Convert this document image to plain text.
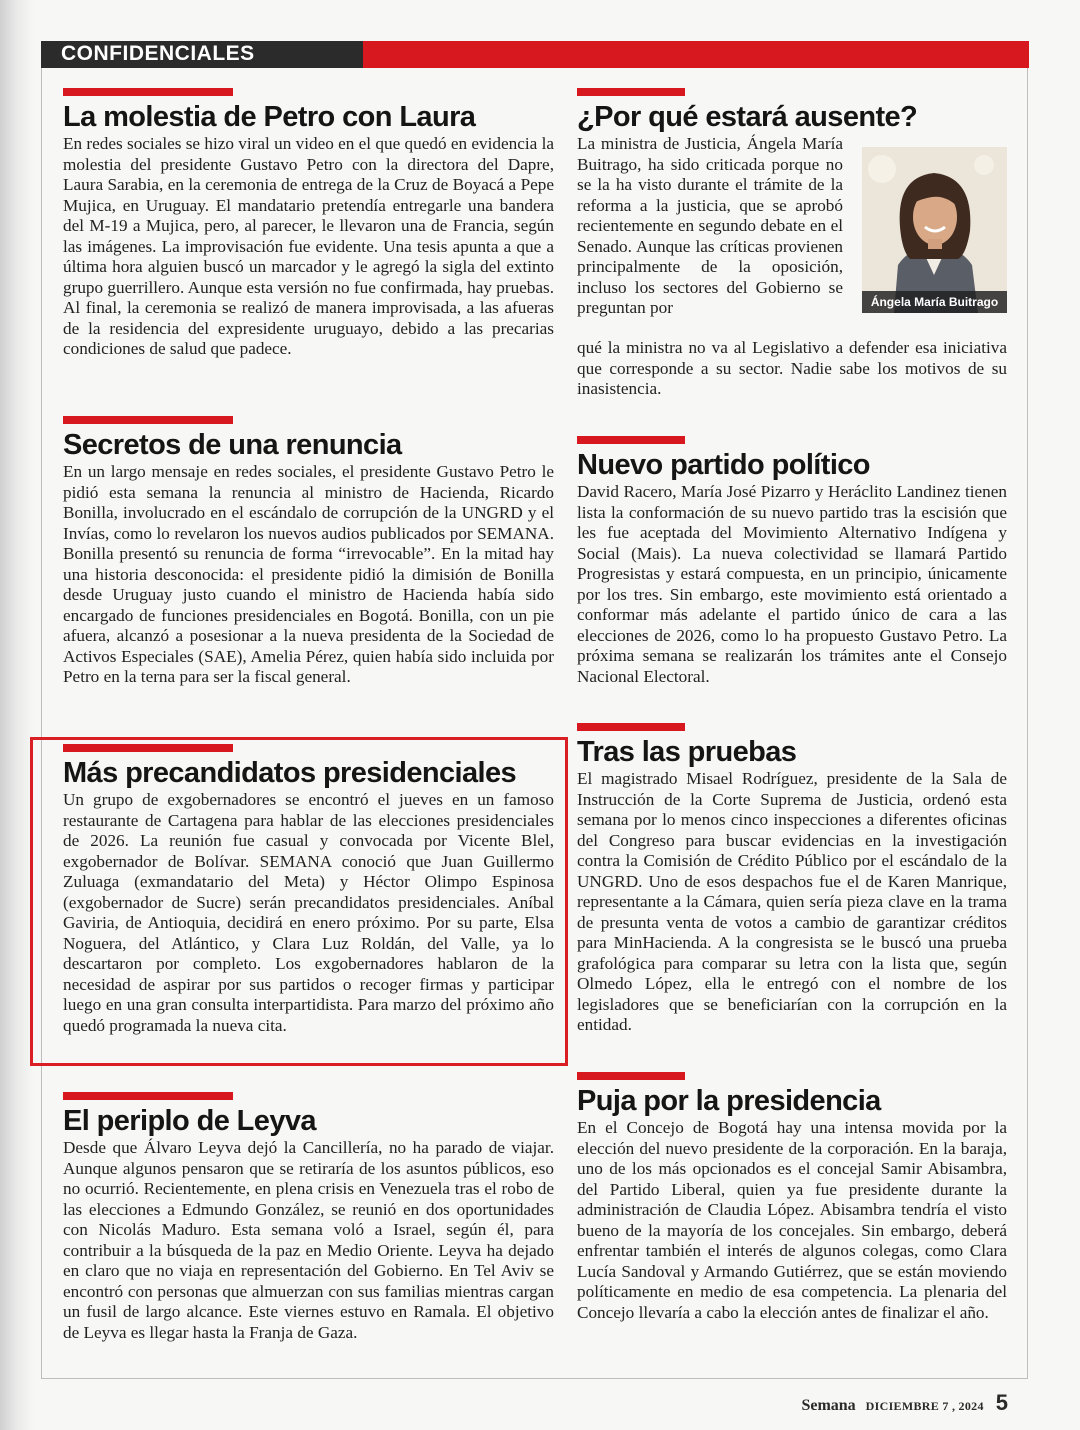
CONFIDENCIALES
La molestia de Petro con Laura

En redes sociales se hizo viral un video en el que quedó en evidencia la molestia del presidente Gustavo Petro con la directora del Dapre, Laura Sarabia, en la ceremonia de entrega de la Cruz de Boyacá a Pepe Mujica, en Uruguay. El mandatario pretendía entregarle una bandera del M-19 a Mujica, pero, al parecer, le llevaron una de Francia, según las imágenes. La improvisación fue evidente. Una tesis apunta a que a última hora alguien buscó un marcador y le agregó la sigla del extinto grupo guerrillero. Aunque esta versión no fue confirmada, hay pruebas. Al final, la ceremonia se realizó de manera improvisada, a las afueras de la residencia del expresidente uruguayo, debido a las precarias condiciones de salud que padece.

Secretos de una renuncia

En un largo mensaje en redes sociales, el presidente Gustavo Petro le pidió esta semana la renuncia al ministro de Hacienda, Ricardo Bonilla, involucrado en el escándalo de corrupción de la UNGRD y el Invías, como lo revelaron los nuevos audios publicados por SEMANA. Bonilla presentó su renuncia de forma “irrevocable”. En la mitad hay una historia desconocida: el presidente pidió la dimisión de Bonilla desde Uruguay justo cuando el ministro de Hacienda había sido encargado de funciones presidenciales en Bogotá. Bonilla, con un pie afuera, alcanzó a posesionar a la nueva presidenta de la Sociedad de Activos Especiales (SAE), Amelia Pérez, quien había sido incluida por Petro en la terna para ser la fiscal general.

Más precandidatos presidenciales

Un grupo de exgobernadores se encontró el jueves en un famoso restaurante de Cartagena para hablar de las elecciones presidenciales de 2026. La reunión fue casual y convocada por Vicente Blel, exgobernador de Bolívar. SEMANA conoció que Juan Guillermo Zuluaga (exmandatario del Meta) y Héctor Olimpo Espinosa (exgobernador de Sucre) serán precandidatos presidenciales. Aníbal Gaviria, de Antioquia, decidirá en enero próximo. Por su parte, Elsa Noguera, del Atlántico, y Clara Luz Roldán, del Valle, ya lo descartaron por completo. Los exgobernadores hablaron de la necesidad de aspirar por sus partidos o recoger firmas y participar luego en una gran consulta interpartidista. Para marzo del próximo año quedó programada la nueva cita.

El periplo de Leyva

Desde que Álvaro Leyva dejó la Cancillería, no ha parado de viajar. Aunque algunos pensaron que se retiraría de los asuntos públicos, eso no ocurrió. Recientemente, en plena crisis en Venezuela tras el robo de las elecciones a Edmundo González, se reunió en dos oportunidades con Nicolás Maduro. Esta semana voló a Israel, según él, para contribuir a la búsqueda de la paz en Medio Oriente. Leyva ha dejado en claro que no viaja en representación del Gobierno. En Tel Aviv se encontró con personas que almuerzan con sus familias mientras cargan un fusil de largo alcance. Este viernes estuvo en Ramala. El objetivo de Leyva es llegar hasta la Franja de Gaza.

¿Por qué estará ausente?

La ministra de Justicia, Ángela María Buitrago, ha sido criticada porque no se la ha visto durante el trámite de la reforma a la justicia, que se aprobó recientemente en segundo debate en el Senado. Aunque las críticas provienen principalmente de la oposición, incluso los sectores del Gobierno se preguntan por

qué la ministra no va al Legislativo a defender esa iniciativa que corresponde a su sector. Nadie sabe los motivos de su inasistencia.

Ángela María Buitrago
Nuevo partido político

David Racero, María José Pizarro y Heráclito Landinez tienen lista la conformación de su nuevo partido tras la escisión que les fue aceptada del Movimiento Alternativo Indígena y Social (Mais). La nueva colectividad se llamará Partido Progresistas y estará compuesta, en un principio, únicamente por los tres. Sin embargo, este movimiento está orientado a conformar más adelante el partido único de cara a las elecciones de 2026, como lo ha propuesto Gustavo Petro. La próxima semana se realizarán los trámites ante el Consejo Nacional Electoral.

Tras las pruebas

El magistrado Misael Rodríguez, presidente de la Sala de Instrucción de la Corte Suprema de Justicia, ordenó esta semana por lo menos cinco inspecciones a diferentes oficinas del Congreso para buscar evidencias en la investigación contra la Comisión de Crédito Público por el escándalo de la UNGRD. Uno de esos despachos fue el de Karen Manrique, representante a la Cámara, quien sería pieza clave en la trama de presunta venta de votos a cambio de garantizar créditos para MinHacienda. A la congresista se le buscó una prueba grafológica para comparar su letra con la lista que, según Olmedo López, ella le entregó con el nombre de los legisladores que se beneficiarían con la corrupción en la entidad.

Puja por la presidencia

En el Concejo de Bogotá hay una intensa movida por la elección del nuevo presidente de la corporación. En la baraja, uno de los más opcionados es el concejal Samir Abisambra, del Partido Liberal, quien ya fue presidente durante la administración de Claudia López. Abisambra tendría el visto bueno de la mayoría de los concejales. Sin embargo, deberá enfrentar también el interés de algunos colegas, como Clara Lucía Sandoval y Armando Gutiérrez, que se están moviendo políticamente en medio de esa competencia. La plenaria del Concejo llevaría a cabo la elección antes de finalizar el año.

Semana DICIEMBRE 7 , 2024 5
